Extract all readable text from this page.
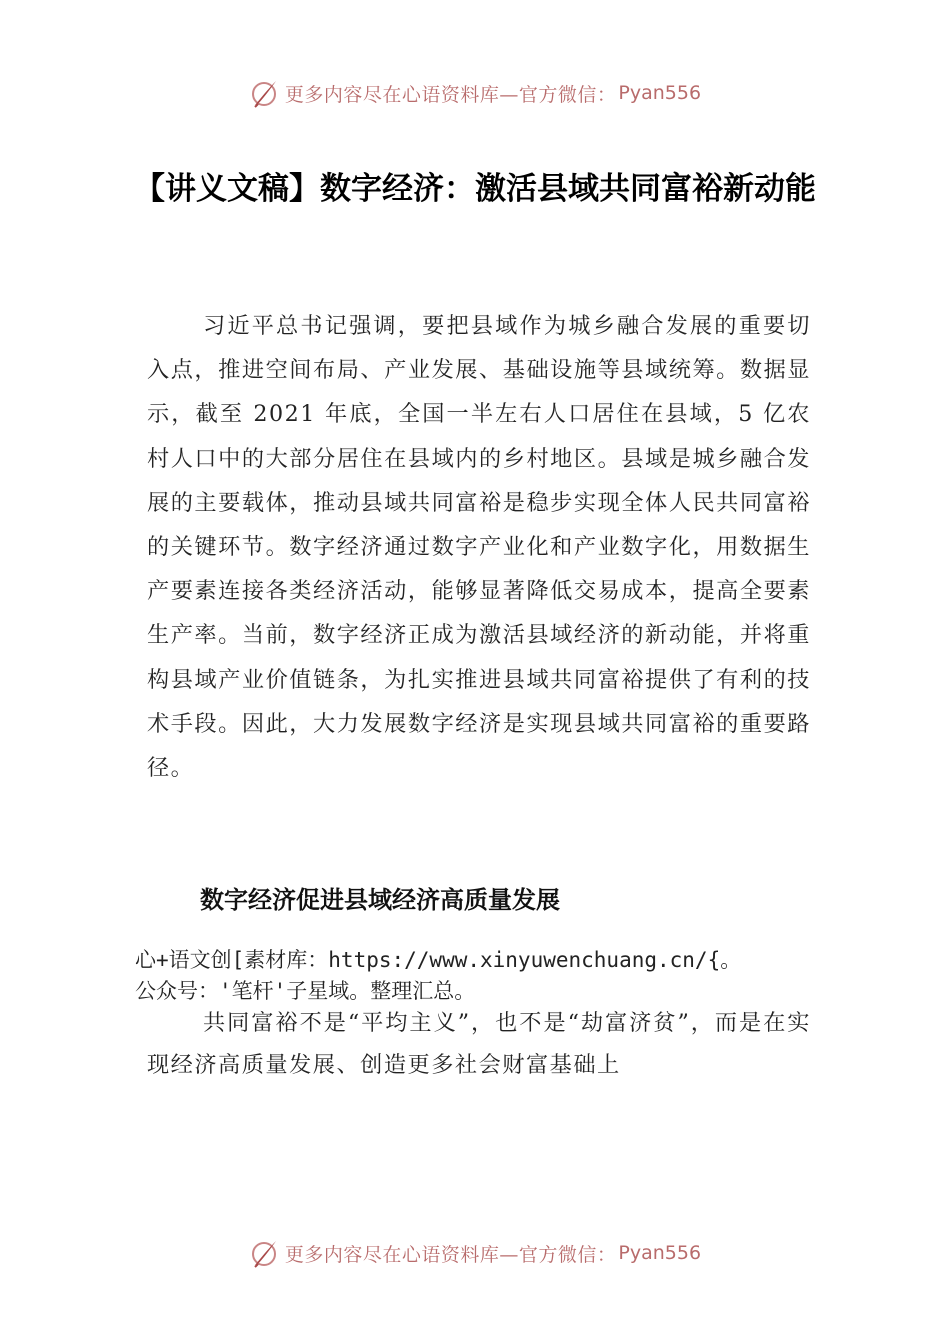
更多内容尽在心语资料库—官方微信： Pyan556
【讲义文稿】数字经济：激活县域共同富裕新动能

习近平总书记强调，要把县域作为城乡融合发展的重要切入点，推进空间布局、产业发展、基础设施等县域统筹。数据显示，截至 2021 年底，全国一半左右人口居住在县域，5 亿农村人口中的大部分居住在县域内的乡村地区。县域是城乡融合发展的主要载体，推动县域共同富裕是稳步实现全体人民共同富裕的关键环节。数字经济通过数字产业化和产业数字化，用数据生产要素连接各类经济活动，能够显著降低交易成本，提高全要素生产率。当前，数字经济正成为激活县域经济的新动能，并将重构县域产业价值链条，为扎实推进县域共同富裕提供了有利的技术手段。因此，大力发展数字经济是实现县域共同富裕的重要路径。

数字经济促进县域经济高质量发展
心+语文创[素材库：https://www.xinyuwenchuang.cn/{。
公众号：'笔杆'子星域。整理汇总。

共同富裕不是“平均主义”，也不是“劫富济贫”，而是在实现经济高质量发展、创造更多社会财富基础上

更多内容尽在心语资料库—官方微信： Pyan556
